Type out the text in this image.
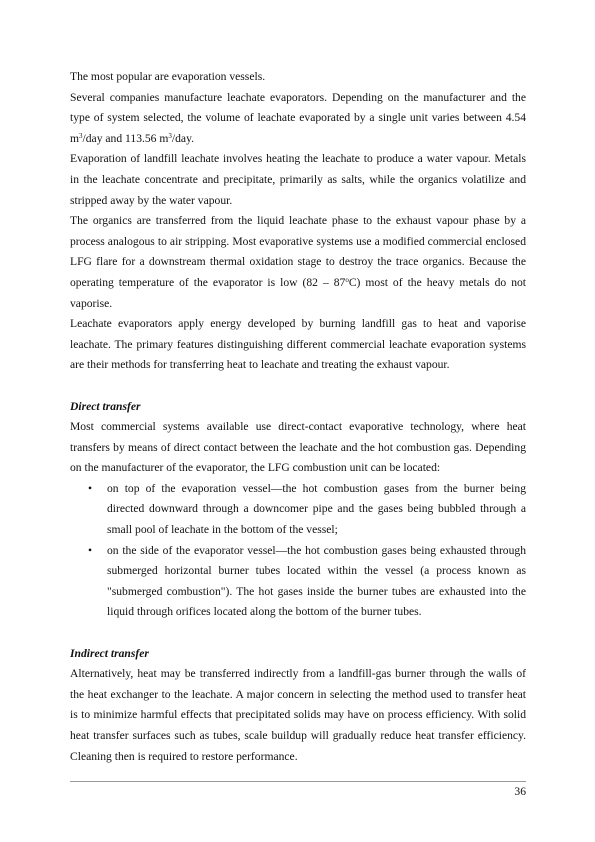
The most popular are evaporation vessels.

Several companies manufacture leachate evaporators. Depending on the manufacturer and the type of system selected, the volume of leachate evaporated by a single unit varies between 4.54 $m^3$/day and 113.56 $m^3$/day.

Evaporation of landfill leachate involves heating the leachate to produce a water vapour. Metals in the leachate concentrate and precipitate, primarily as salts, while the organics volatilize and stripped away by the water vapour.

The organics are transferred from the liquid leachate phase to the exhaust vapour phase by a process analogous to air stripping. Most evaporative systems use a modified commercial enclosed LFG flare for a downstream thermal oxidation stage to destroy the trace organics. Because the operating temperature of the evaporator is low (82 – 87$^o$C) most of the heavy metals do not vaporise.

Leachate evaporators apply energy developed by burning landfill gas to heat and vaporise leachate. The primary features distinguishing different commercial leachate evaporation systems are their methods for transferring heat to leachate and treating the exhaust vapour.

Direct transfer

Most commercial systems available use direct-contact evaporative technology, where heat transfers by means of direct contact between the leachate and the hot combustion gas. Depending on the manufacturer of the evaporator, the LFG combustion unit can be located:

• on top of the evaporation vessel—the hot combustion gases from the burner being directed downward through a downcomer pipe and the gases being bubbled through a small pool of leachate in the bottom of the vessel;
• on the side of the evaporator vessel—the hot combustion gases being exhausted through submerged horizontal burner tubes located within the vessel (a process known as "submerged combustion"). The hot gases inside the burner tubes are exhausted into the liquid through orifices located along the bottom of the burner tubes.

Indirect transfer

Alternatively, heat may be transferred indirectly from a landfill-gas burner through the walls of the heat exchanger to the leachate. A major concern in selecting the method used to transfer heat is to minimize harmful effects that precipitated solids may have on process efficiency. With solid heat transfer surfaces such as tubes, scale buildup will gradually reduce heat transfer efficiency. Cleaning then is required to restore performance.

36
